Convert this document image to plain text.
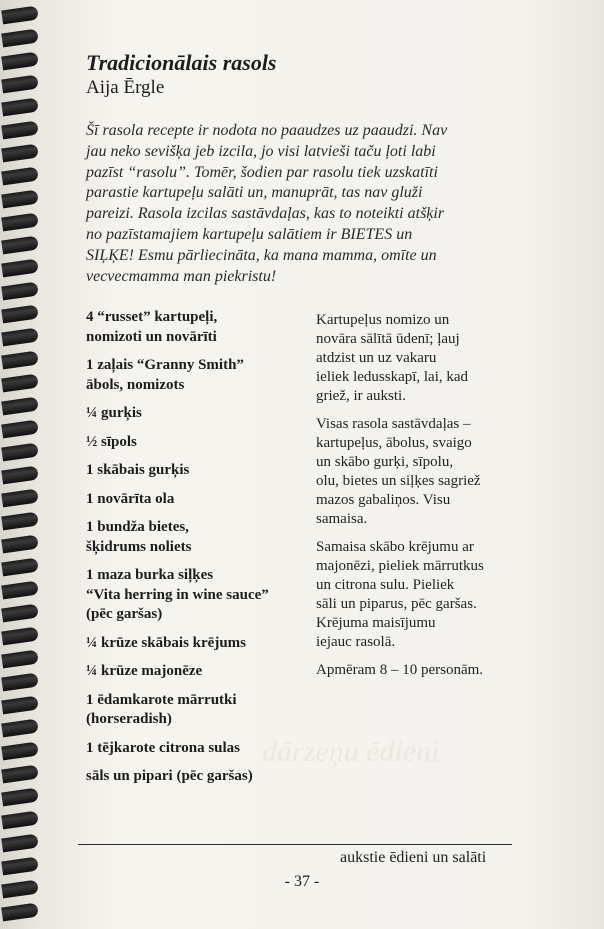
dārzeņu ēdieni
Tradicionālais rasols
Aija Ērgle
Šī rasola recepte ir nodota no paaudzes uz paaudzi. Nav
jau neko sevišķa jeb izcila, jo visi latvieši taču ļoti labi
pazīst “rasolu”. Tomēr, šodien par rasolu tiek uzskatīti
parastie kartupeļu salāti un, manuprāt, tas nav gluži
pareizi. Rasola izcilas sastāvdaļas, kas to noteikti atšķir
no pazīstamajiem kartupeļu salātiem ir BIETES un
SIĻĶE! Esmu pārliecināta, ka mana mamma, omīte un
vecvecmamma man piekristu!
4 “russet” kartupeļi,
nomizoti un novārīti
1 zaļais “Granny Smith”
ābols, nomizots
¼ gurķis
½ sīpols
1 skābais gurķis
1 novārīta ola
1 bundža bietes,
šķidrums noliets
1 maza burka siļķes
“Vita herring in wine sauce”
(pēc garšas)
¼ krūze skābais krējums
¼ krūze majonēze
1 ēdamkarote mārrutki
(horseradish)
1 tējkarote citrona sulas
sāls un pipari (pēc garšas)

Kartupeļus nomizo un
novāra sālītā ūdenī; ļauj
atdzist un uz vakaru
ieliek ledusskapī, lai, kad
griež, ir auksti.

Visas rasola sastāvdaļas –
kartupeļus, ābolus, svaigo
un skābo gurķi, sīpolu,
olu, bietes un siļķes sagriež
mazos gabaliņos. Visu
samaisa.

Samaisa skābo krējumu ar
majonēzi, pieliek mārrutkus
un citrona sulu. Pieliek
sāli un piparus, pēc garšas.
Krējuma maisījumu
iejauc rasolā.

Apmēram 8 – 10 personām.

aukstie ēdieni un salāti
- 37 -
